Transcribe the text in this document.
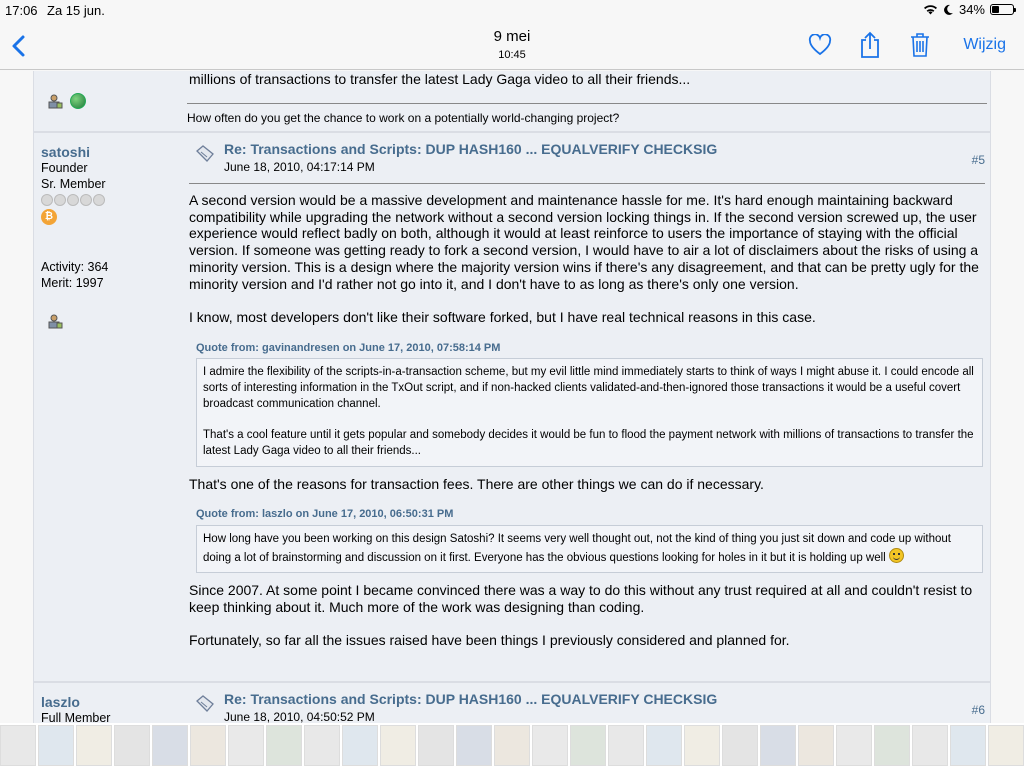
17:06 Za 15 jun.	34%
9 mei
10:45
Wijzig
millions of transactions to transfer the latest Lady Gaga video to all their friends...
How often do you get the chance to work on a potentially world-changing project?
satoshi
Founder
Sr. Member
₿
Activity: 364
Merit: 1997
Re: Transactions and Scripts: DUP HASH160 ... EQUALVERIFY CHECKSIG
June 18, 2010, 04:17:14 PM	#5

A second version would be a massive development and maintenance hassle for me. It's hard enough maintaining backward compatibility while upgrading the network without a second version locking things in. If the second version screwed up, the user experience would reflect badly on both, although it would at least reinforce to users the importance of staying with the official version. If someone was getting ready to fork a second version, I would have to air a lot of disclaimers about the risks of using a minority version. This is a design where the majority version wins if there's any disagreement, and that can be pretty ugly for the minority version and I'd rather not go into it, and I don't have to as long as there's only one version.

I know, most developers don't like their software forked, but I have real technical reasons in this case.

Quote from: gavinandresen on June 17, 2010, 07:58:14 PM

I admire the flexibility of the scripts-in-a-transaction scheme, but my evil little mind immediately starts to think of ways I might abuse it. I could encode all sorts of interesting information in the TxOut script, and if non-hacked clients validated-and-then-ignored those transactions it would be a useful covert broadcast communication channel.

That's a cool feature until it gets popular and somebody decides it would be fun to flood the payment network with millions of transactions to transfer the latest Lady Gaga video to all their friends...

That's one of the reasons for transaction fees. There are other things we can do if necessary.

Quote from: laszlo on June 17, 2010, 06:50:31 PM
How long have you been working on this design Satoshi? It seems very well thought out, not the kind of thing you just sit down and code up without doing a lot of brainstorming and discussion on it first. Everyone has the obvious questions looking for holes in it but it is holding up well

Since 2007. At some point I became convinced there was a way to do this without any trust required at all and couldn't resist to keep thinking about it. Much more of the work was designing than coding.

Fortunately, so far all the issues raised have been things I previously considered and planned for.

laszlo
Full Member
Re: Transactions and Scripts: DUP HASH160 ... EQUALVERIFY CHECKSIG
June 18, 2010, 04:50:52 PM	#6
